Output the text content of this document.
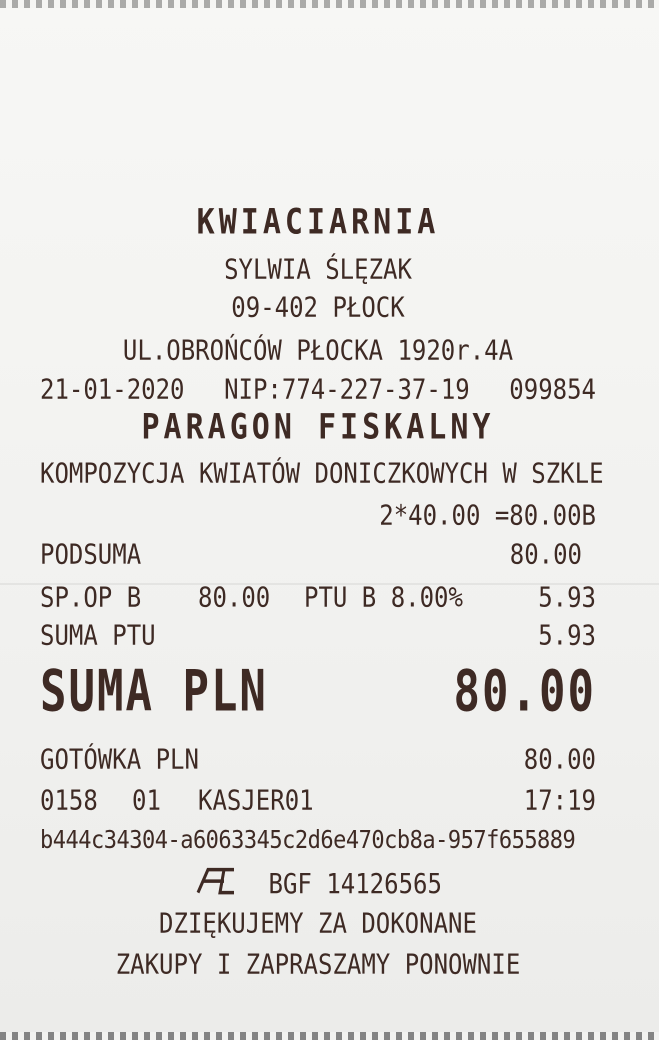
KWIACIARNIA
SYLWIA ŚLĘZAK
09-402 PŁOCK
UL.OBROŃCÓW PŁOCKA 1920r.4A
21-01-2020 NIP:774-227-37-19 099854
PARAGON FISKALNY
KOMPOZYCJA KWIATÓW DONICZKOWYCH W SZKLE
2*40.00 =80.00B
PODSUMA	80.00
SP.OP B 80.00 PTU B 8.00%	5.93
SUMA PTU	5.93
SUMA PLN	80.00
GOTÓWKA PLN	80.00
0158 01 KASJER01	17:19
b444c34304-a6063345c2d6e470cb8a-957f655889
BGF 14126565
DZIĘKUJEMY ZA DOKONANE
ZAKUPY I ZAPRASZAMY PONOWNIE
